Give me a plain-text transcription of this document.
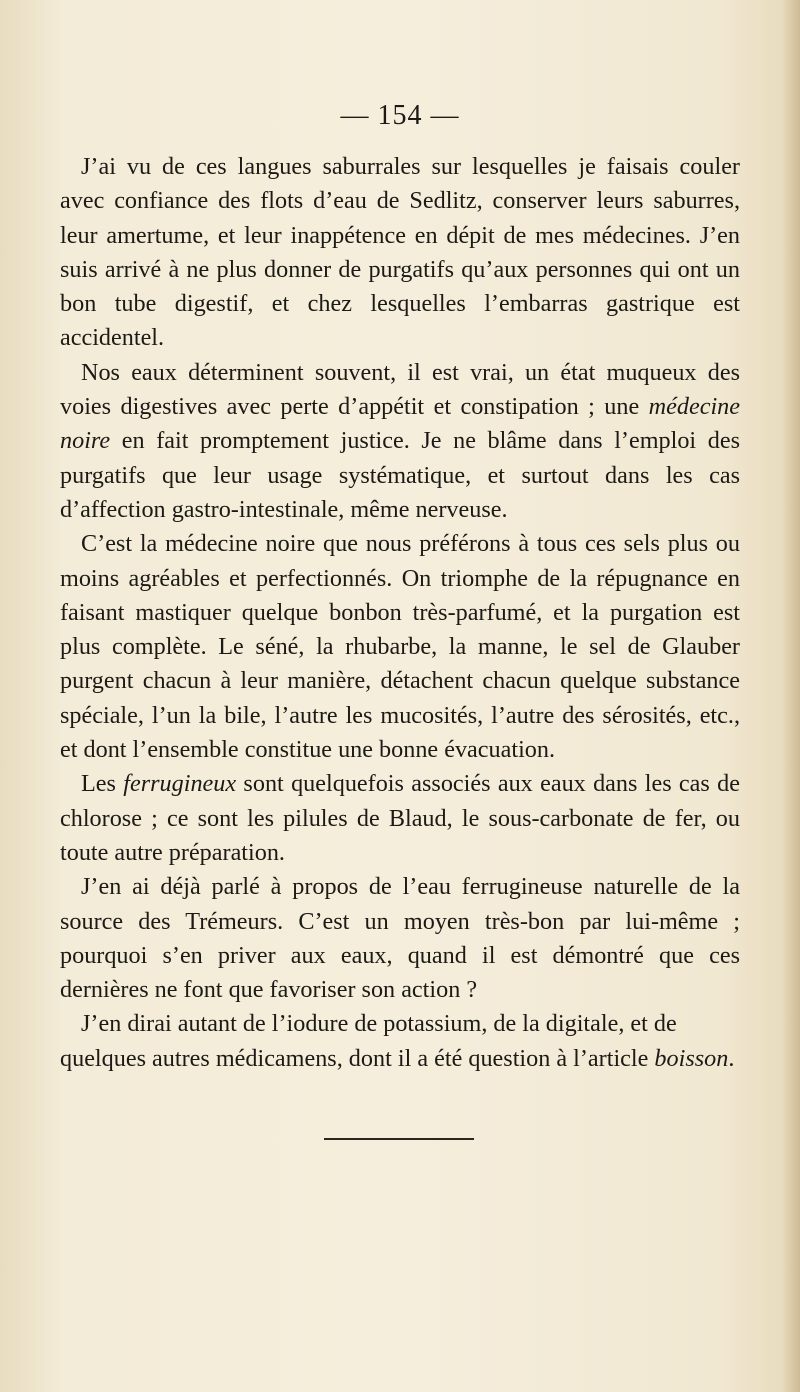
— 154 —

J’ai vu de ces langues saburrales sur lesquelles je faisais couler avec confiance des flots d’eau de Sedlitz, conserver leurs saburres, leur amertume, et leur inappétence en dépit de mes médecines. J’en suis arrivé à ne plus donner de purgatifs qu’aux personnes qui ont un bon tube digestif, et chez lesquelles l’embarras gastrique est accidentel.

Nos eaux déterminent souvent, il est vrai, un état muqueux des voies digestives avec perte d’appétit et constipation ; une médecine noire en fait promptement justice. Je ne blâme dans l’emploi des purgatifs que leur usage systématique, et surtout dans les cas d’affection gastro-intestinale, même nerveuse.

C’est la médecine noire que nous préférons à tous ces sels plus ou moins agréables et perfectionnés. On triomphe de la répugnance en faisant mastiquer quelque bonbon très-parfumé, et la purgation est plus complète. Le séné, la rhubarbe, la manne, le sel de Glauber purgent chacun à leur manière, détachent chacun quelque substance spéciale, l’un la bile, l’autre les mucosités, l’autre des sérosités, etc., et dont l’ensemble constitue une bonne évacuation.

Les ferrugineux sont quelquefois associés aux eaux dans les cas de chlorose ; ce sont les pilules de Blaud, le sous-carbonate de fer, ou toute autre préparation.

J’en ai déjà parlé à propos de l’eau ferrugineuse naturelle de la source des Trémeurs. C’est un moyen très-bon par lui-même ; pourquoi s’en priver aux eaux, quand il est démontré que ces dernières ne font que favoriser son action ?

J’en dirai autant de l’iodure de potassium, de la digitale, et de quelques autres médicamens, dont il a été question à l’article boisson.
